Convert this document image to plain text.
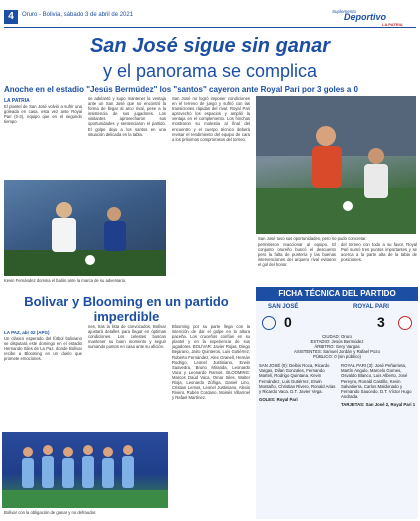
4	Oruro - Bolivia, sábado 3 de abril de 2021
Suplemento
Deportivo
LA PATRIA
San José sigue sin ganar
y el panorama se complica
Anoche en el estadio "Jesús Bermúdez" los "santos" cayeron ante Royal Pari por 3 goles a 0
LA PATRIA
El plantel de San José volvió a sufrir una goleada en casa, esta vez ante Royal Pari (0-3), equipo que en el segundo tiempo
se adelantó y supo mantener la ventaja ante un San José que no encontró la forma de llegar al arco rival, pese a la insistencia de sus jugadores. Los visitantes aprovecharon sus oportunidades y sentenciaron el partido. El golpe deja a los santos en una situación delicada en la tabla.
San José no logró imponer condiciones en el terreno de juego y sufrió con las transiciones rápidas del rival. Royal Pari aprovechó los espacios y amplió la ventaja en el complemento. Los hinchas mostraron su molestia al final del encuentro y el cuerpo técnico deberá revisar el rendimiento del equipo de cara a los próximos compromisos del torneo.
Kevin Fernández domina el balón ante la marca de su adversario.
San José tuvo sus oportunidades, pero no pudo concretar.
permitieron reaccionar al equipo. El conjunto orureño buscó el descuento pero la falta de puntería y las buenas intervenciones del arquero rival evitaron el gol del honor.
del torneo con todo a su favor. Royal Pari sumó tres puntos importantes y se acerca a la parte alta de la tabla de posiciones.
Bolivar y Blooming en un partido imperdible
LA PAZ, abr 02 (APG)
Un clásico esperado del fútbol boliviano se disputará este domingo en el estadio Hernando Siles de La Paz, donde Bolívar recibe a Blooming en un duelo que promete emociones.
nes, tras la lista de convocados, Bolívar ajustará detalles para llegar en óptimas condiciones. Los celestes buscan mantener su buen momento y seguir sumando puntos en casa ante su afición.
Blooming por su parte llega con la intención de dar el golpe en la altura paceña. Los cruceños confían en su plantel y en la experiencia de sus jugadores. BOLÍVAR: Javier Rojas, Diego Bejarano, Jairo Quinteros, Luis Gutiérrez, Roberto Fernández, Alex Granell, Hernán Rodrigo, Leonel Justiniano, Erwin Saavedra, Bruno Miranda, Leonardo Vaca y Leonardo Ramos. BLOOMING: Marcos Daúd Vaca, Omar Siles, Walter Rioja, Leonardo Zúñiga, Daniel Lino, Cristian Lemos, Leonel Justiniano, Alexis Rivero, Rubén Cordano, Moisés Villarroel y Rafael Martínez.
Bolívar con la obligación de ganar y no defraudar.
FICHA TÉCNICA DEL PARTIDO
SAN JOSÉ	ROYAL PARI
0	3
CIUDAD: Oruro
ESTADIO: Jesús Bermúdez
ÁRBITRO: Gery Vargas
ASISTENTES: Samuel Jordán y Rafael Pozo
PÚBLICO: 0 (sin público)
SAN JOSÉ (0): Deibis Roca, Ricardo Vargas, Dilan Gonzales, Fernando Marteli, Rodrigo Quintana, Kevin Fernández, Luis Gutiérrez, Erwin Montaño, Christian Rivero, Ronald Arias y Ricardo Vaca. D.T. Javier Vega.
GOLES: Royal Pari
ROYAL PARI (3): José Peñarrieta, Martín Angulo, Marcelo Gomes, Osvaldo Blanco, Luis Alberto, José Pereyra, Ronald Castillo, Kevin Salvatierra, Carlos Maldonado y Fernando Saucedo. D.T. Víctor Hugo Andrada.
TARJETAS: San José 2, Royal Pari 1
